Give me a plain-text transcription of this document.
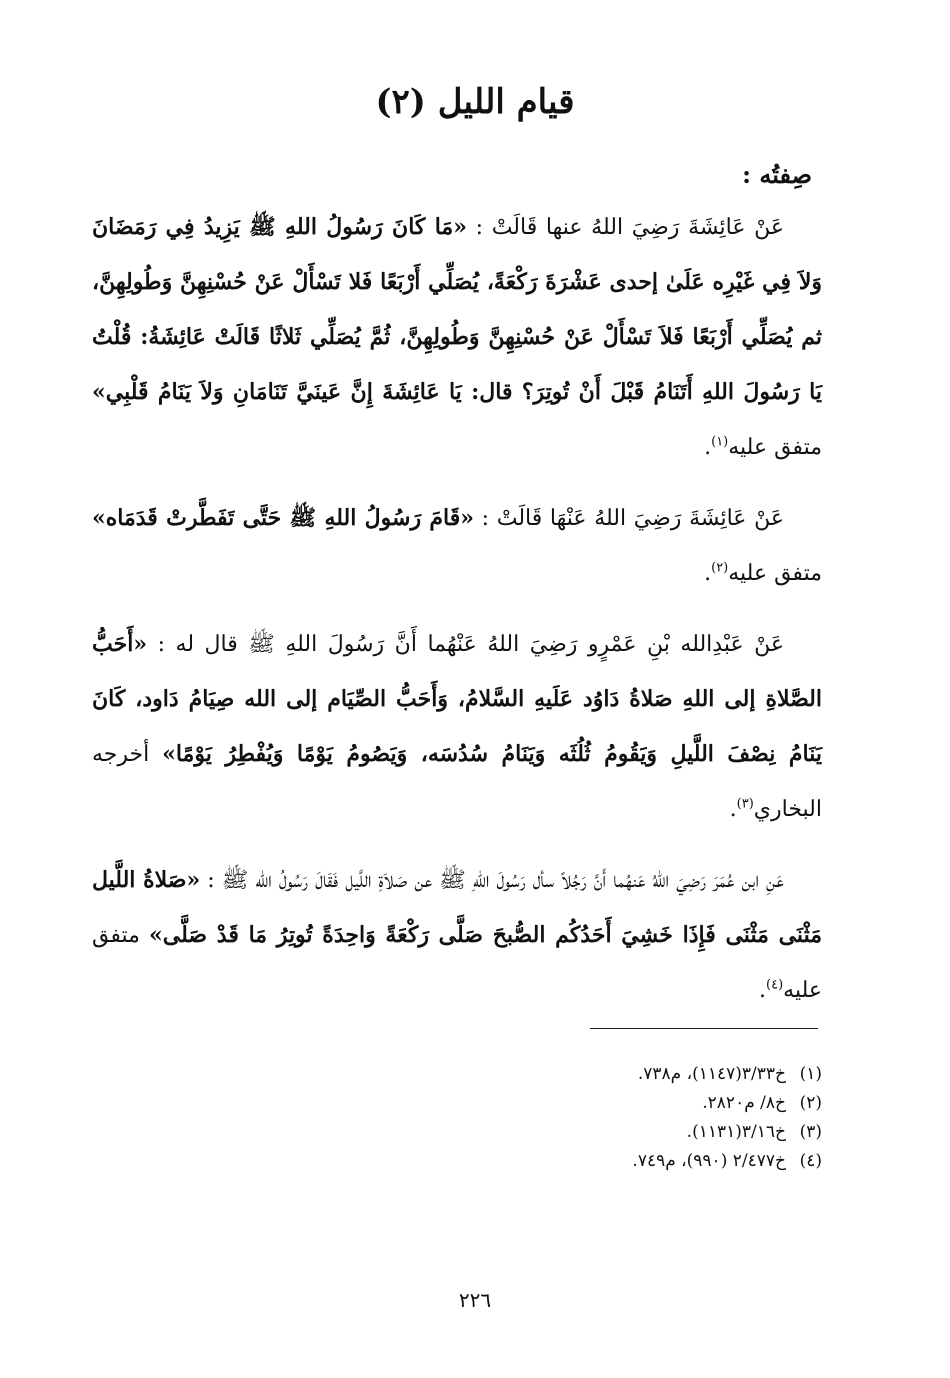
قيام الليل (٢)

صِفتُه :

عَنْ عَائِشَةَ رَضِيَ اللهُ عنها قَالَتْ : «مَا كَانَ رَسُولُ اللهِ ﷺ يَزِيدُ فِي رَمَضَانَ وَلاَ فِي غَيْرِه عَلَىٰ إحدى عَشْرَةَ رَكْعَةً، يُصَلِّي أَرْبَعًا فَلا تَسْأَلْ عَنْ حُسْنِهِنَّ وَطُولِهِنَّ، ثم يُصَلِّي أَرْبَعًا فَلاَ تَسْأَلْ عَنْ حُسْنِهِنَّ وَطُولِهِنَّ، ثُمَّ يُصَلِّي ثَلاثًا قَالَتْ عَائِشَةُ: قُلْتُ يَا رَسُولَ اللهِ أَتَنَامُ قَبْلَ أَنْ تُوتِرَ؟ قال: يَا عَائِشَةَ إِنَّ عَينَيَّ تَنَامَانِ وَلاَ يَنَامُ قَلْبِي» متفق عليه$^{(١)}$.

عَنْ عَائِشَةَ رَضِيَ اللهُ عَنْهَا قَالَتْ : «قَامَ رَسُولُ اللهِ ﷺ حَتَّى تَفَطَّرتْ قَدَمَاه» متفق عليه$^{(٢)}$.

عَنْ عَبْدِالله بْنِ عَمْرٍو رَضِيَ اللهُ عَنْهُما أَنَّ رَسُولَ اللهِ ﷺ قال له : «أَحَبُّ الصَّلاةِ إلى اللهِ صَلاةُ دَاوُد عَلَيهِ السَّلامُ، وَأَحَبُّ الصِّيَام إلى الله صِيَامُ دَاود، كَانَ يَنَامُ نِصْفَ اللَّيلِ وَيَقُومُ ثُلُثَه وَيَنَامُ سُدُسَه، وَيَصُومُ يَوْمًا وَيُفْطِرُ يَوْمًا» أخرجه البخاري$^{(٣)}$.

عَنِ ابن عُمَرَ رَضِيَ اللهُ عَنهُما أَنَّ رَجُلاً سأل رَسُولَ اللهِ ﷺ عن صَلاَةِ اللَّيل فَقَالَ رَسُولُ الله ﷺ : «صَلاةُ اللَّيل مَثْنَى مَثْنَى فَإِذَا خَشِيَ أَحَدُكُم الصُّبحَ صَلَّى رَكْعَةً وَاحِدَةً تُوتِرُ مَا قَدْ صَلَّى» متفق عليه$^{(٤)}$.

(١)خ٣/٣٣(١١٤٧)، م٧٣٨.
(٢)خ٨/ م٢٨٢٠.
(٣)خ٣/١٦(١١٣١).
(٤)خ٢/٤٧٧ (٩٩٠)، م٧٤٩.
٢٢٦
